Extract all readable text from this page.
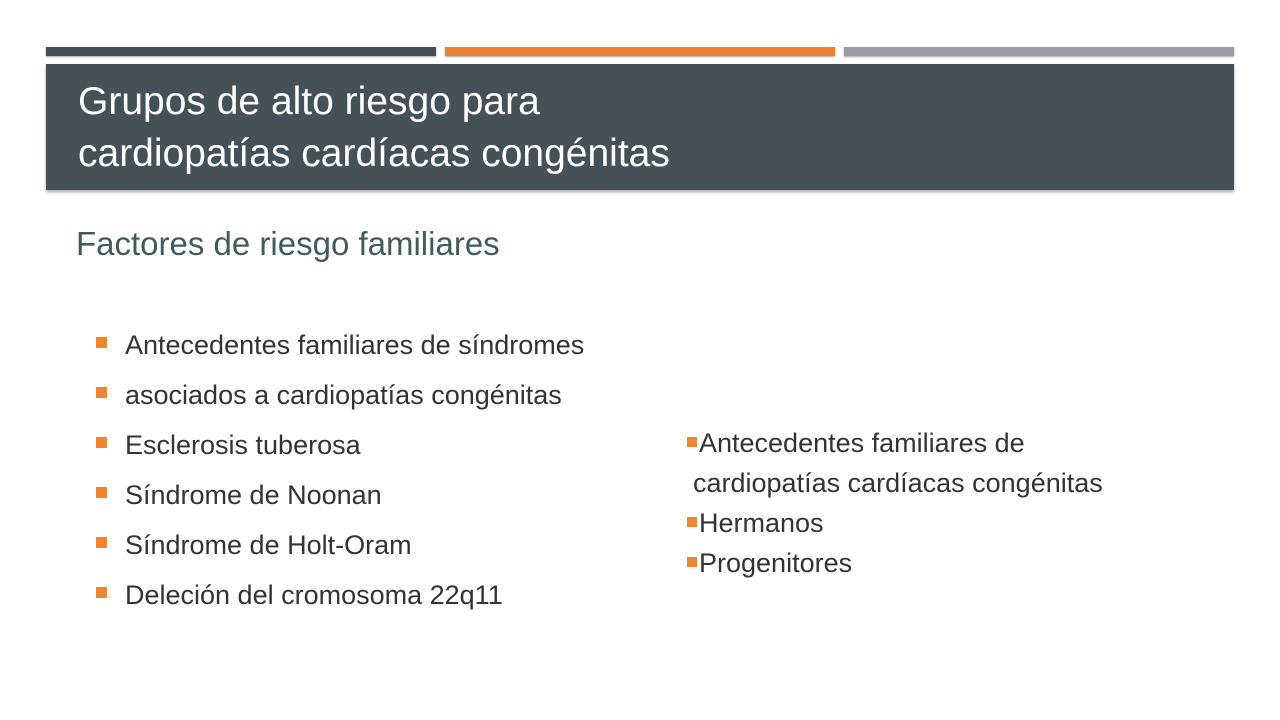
Grupos de alto riesgo para
cardiopatías cardíacas congénitas
Factores de riesgo familiares
Antecedentes familiares de síndromes
asociados a cardiopatías congénitas
Esclerosis tuberosa
Síndrome de Noonan
Síndrome de Holt-Oram
Deleción del cromosoma 22q11
Antecedentes familiares de
cardiopatías cardíacas congénitas
Hermanos
Progenitores
